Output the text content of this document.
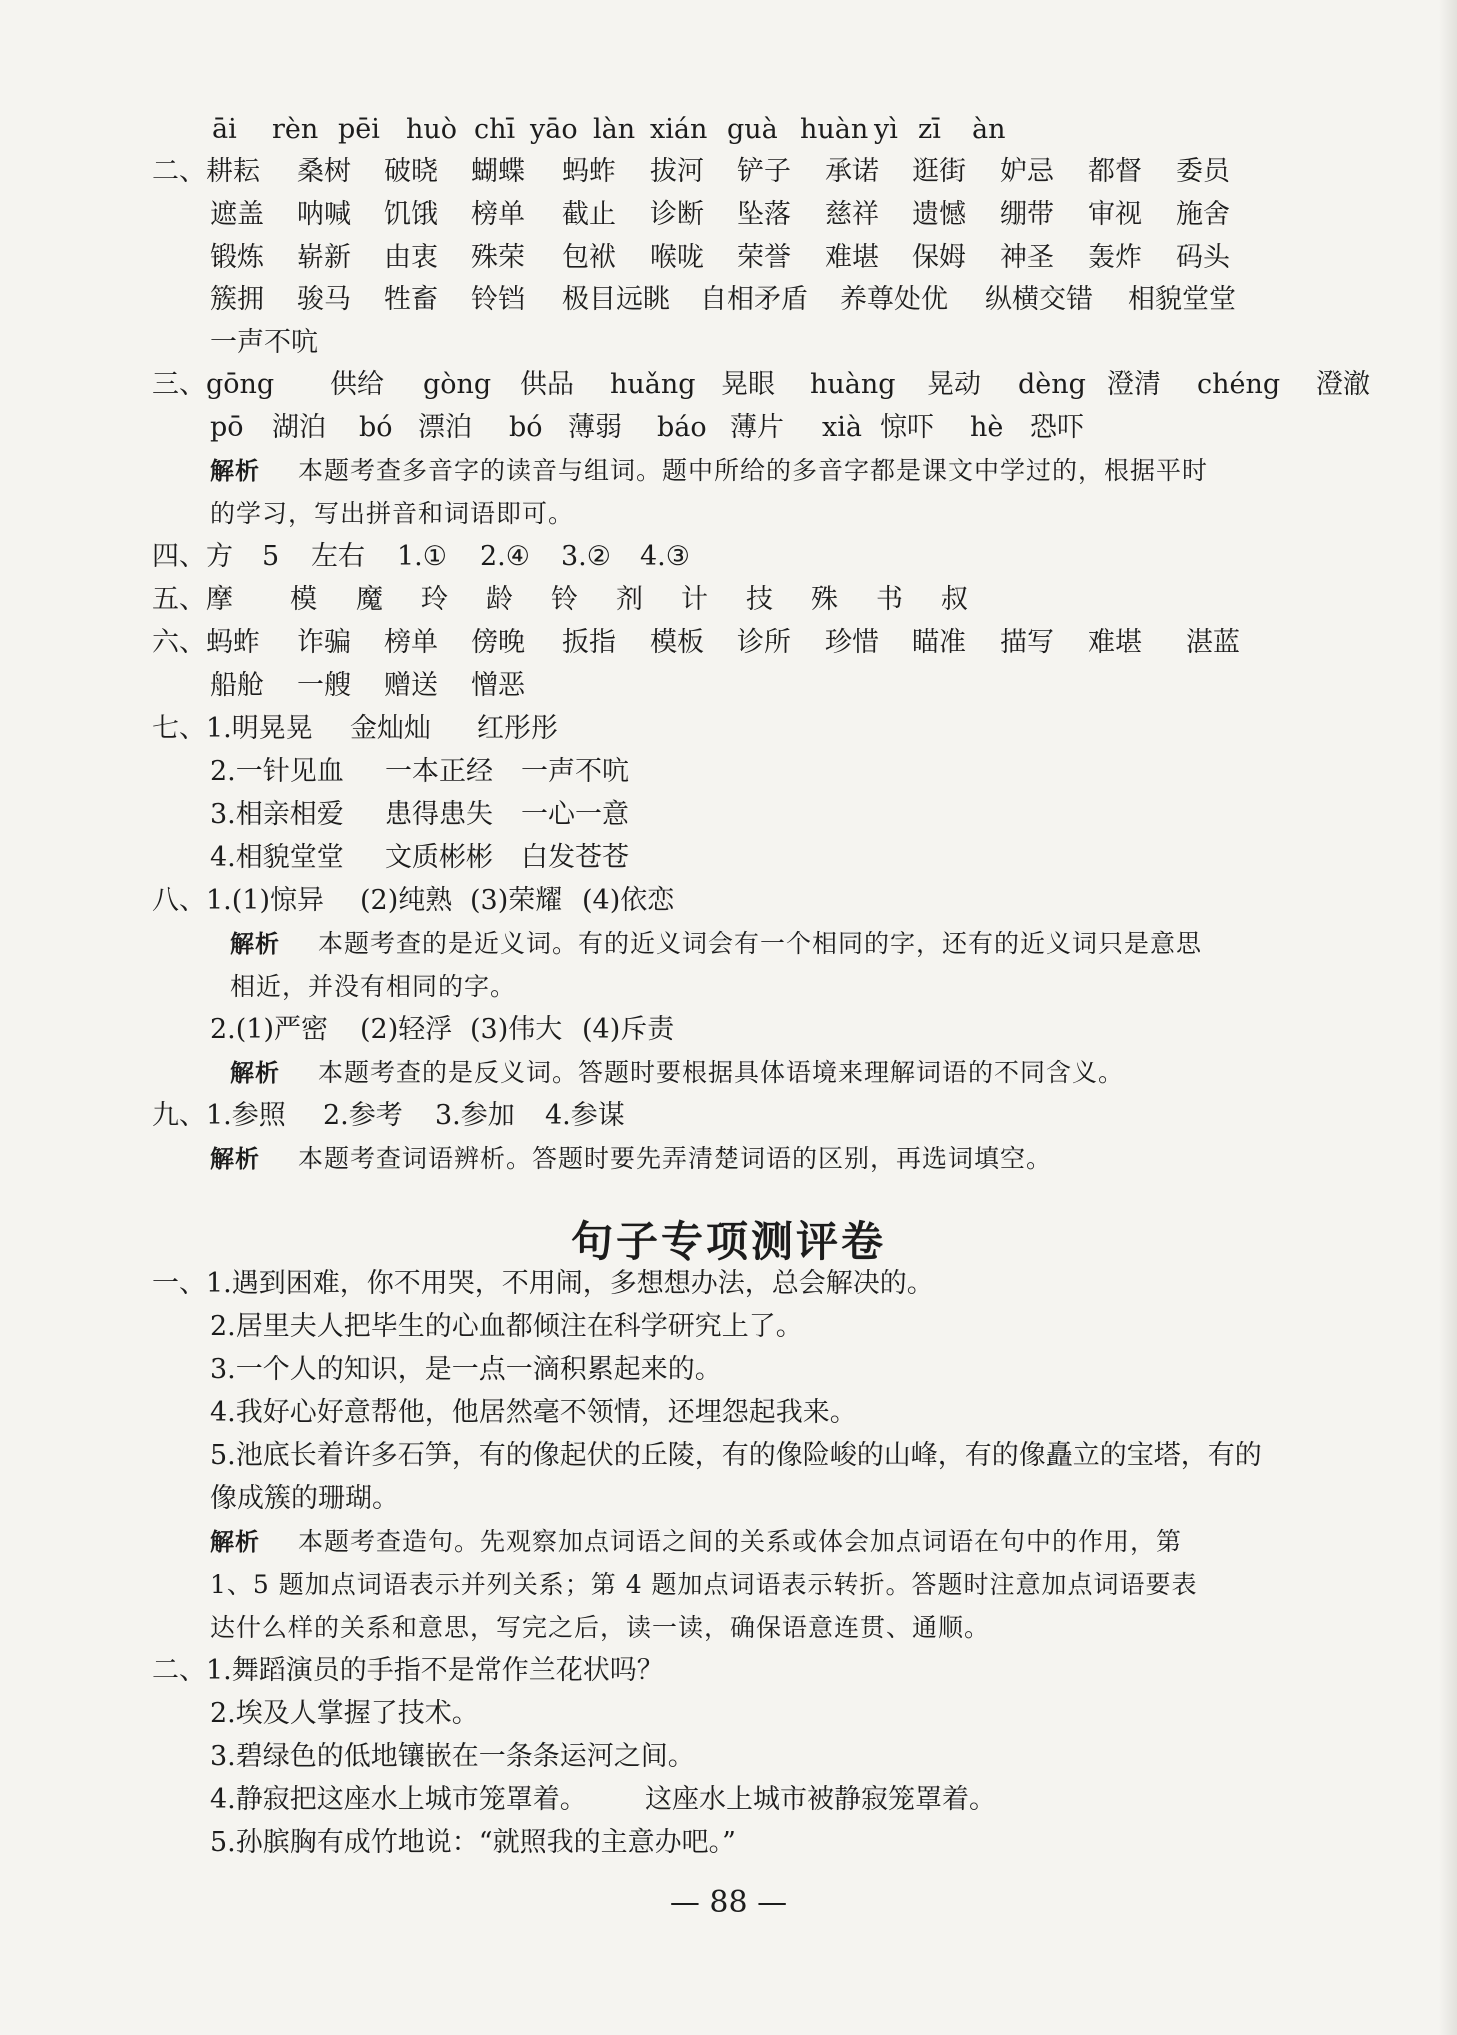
āi rèn pēi huò chī yāo làn xián guà huàn yì zī àn
二、耕耘 桑树 破晓 蝴蝶 蚂蚱 拔河 铲子 承诺 逛街 妒忌 都督 委员
遮盖 呐喊 饥饿 榜单 截止 诊断 坠落 慈祥 遗憾 绷带 审视 施舍
锻炼 崭新 由衷 殊荣 包袱 喉咙 荣誉 难堪 保姆 神圣 轰炸 码头
簇拥 骏马 牲畜 铃铛 极目远眺 自相矛盾 养尊处优 纵横交错 相貌堂堂
一声不吭
三、gōng 供给 gòng 供品 huǎng 晃眼 huàng 晃动 dèng 澄清 chéng 澄澈
pō 湖泊 bó 漂泊 bó 薄弱 báo 薄片 xià 惊吓 hè 恐吓
解析 本题考查多音字的读音与组词。题中所给的多音字都是课文中学过的，根据平时
的学习，写出拼音和词语即可。
四、方 5 左右 1.① 2.④ 3.② 4.③
五、摩 模 魔 玲 龄 铃 剂 计 技 殊 书 叔
六、蚂蚱 诈骗 榜单 傍晚 扳指 模板 诊所 珍惜 瞄准 描写 难堪 湛蓝
船舱 一艘 赠送 憎恶
七、1.明晃晃 金灿灿 红彤彤
2.一针见血 一本正经 一声不吭
3.相亲相爱 患得患失 一心一意
4.相貌堂堂 文质彬彬 白发苍苍
八、1.(1)惊异 (2)纯熟 (3)荣耀 (4)依恋
解析 本题考查的是近义词。有的近义词会有一个相同的字，还有的近义词只是意思
相近，并没有相同的字。
2.(1)严密 (2)轻浮 (3)伟大 (4)斥责
解析 本题考查的是反义词。答题时要根据具体语境来理解词语的不同含义。
九、1.参照 2.参考 3.参加 4.参谋
解析 本题考查词语辨析。答题时要先弄清楚词语的区别，再选词填空。
一、1.遇到困难，你不用哭，不用闹，多想想办法，总会解决的。
2.居里夫人把毕生的心血都倾注在科学研究上了。
3.一个人的知识，是一点一滴积累起来的。
4.我好心好意帮他，他居然毫不领情，还埋怨起我来。
5.池底长着许多石笋，有的像起伏的丘陵，有的像险峻的山峰，有的像矗立的宝塔，有的
像成簇的珊瑚。
解析 本题考查造句。先观察加点词语之间的关系或体会加点词语在句中的作用，第
1、5 题加点词语表示并列关系；第 4 题加点词语表示转折。答题时注意加点词语要表
达什么样的关系和意思，写完之后，读一读，确保语意连贯、通顺。
二、1.舞蹈演员的手指不是常作兰花状吗？
2.埃及人掌握了技术。
3.碧绿色的低地镶嵌在一条条运河之间。
4.静寂把这座水上城市笼罩着。 这座水上城市被静寂笼罩着。
5.孙膑胸有成竹地说：“就照我的主意办吧。”
句子专项测评卷
— 88 —
